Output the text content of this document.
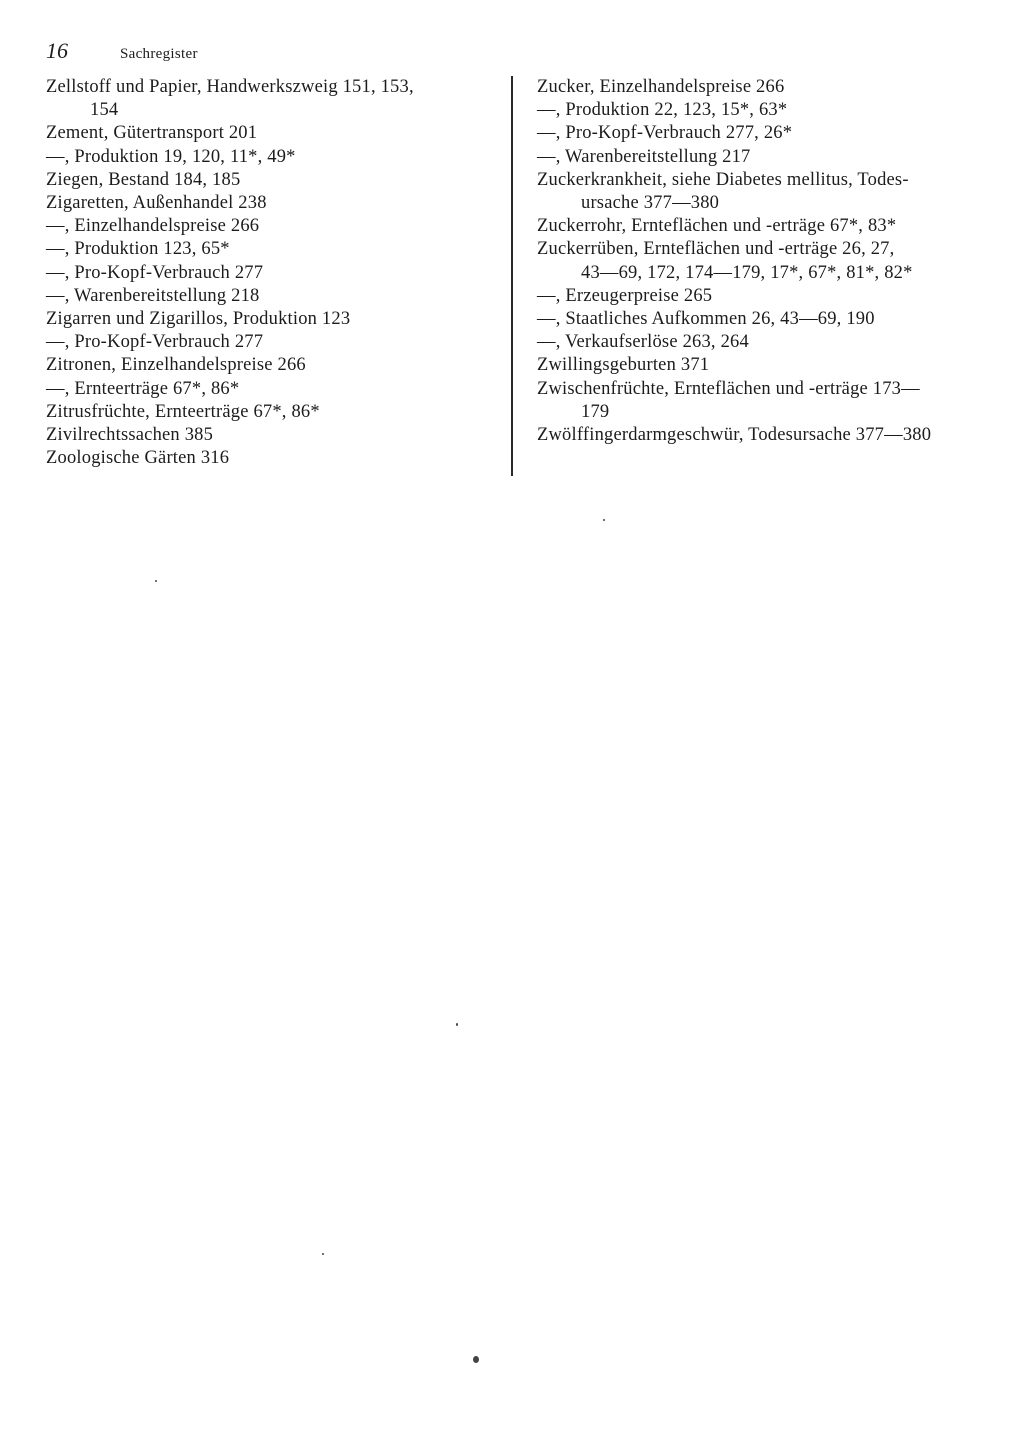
16	Sachregister
Zellstoff und Papier, Handwerkszweig 151, 153,
154
Zement, Gütertransport 201
—, Produktion 19, 120, 11*, 49*
Ziegen, Bestand 184, 185
Zigaretten, Außenhandel 238
—, Einzelhandelspreise 266
—, Produktion 123, 65*
—, Pro-Kopf-Verbrauch 277
—, Warenbereitstellung 218
Zigarren und Zigarillos, Produktion 123
—, Pro-Kopf-Verbrauch 277
Zitronen, Einzelhandelspreise 266
—, Ernteerträge 67*, 86*
Zitrusfrüchte, Ernteerträge 67*, 86*
Zivilrechtssachen 385
Zoologische Gärten 316
Zucker, Einzelhandelspreise 266
—, Produktion 22, 123, 15*, 63*
—, Pro-Kopf-Verbrauch 277, 26*
—, Warenbereitstellung 217
Zuckerkrankheit, siehe Diabetes mellitus, Todes-
ursache 377—380
Zuckerrohr, Ernteflächen und -erträge 67*, 83*
Zuckerrüben, Ernteflächen und -erträge 26, 27,
43—69, 172, 174—179, 17*, 67*, 81*, 82*
—, Erzeugerpreise 265
—, Staatliches Aufkommen 26, 43—69, 190
—, Verkaufserlöse 263, 264
Zwillingsgeburten 371
Zwischenfrüchte, Ernteflächen und -erträge 173—
179
Zwölffingerdarmgeschwür, Todesursache 377—380
